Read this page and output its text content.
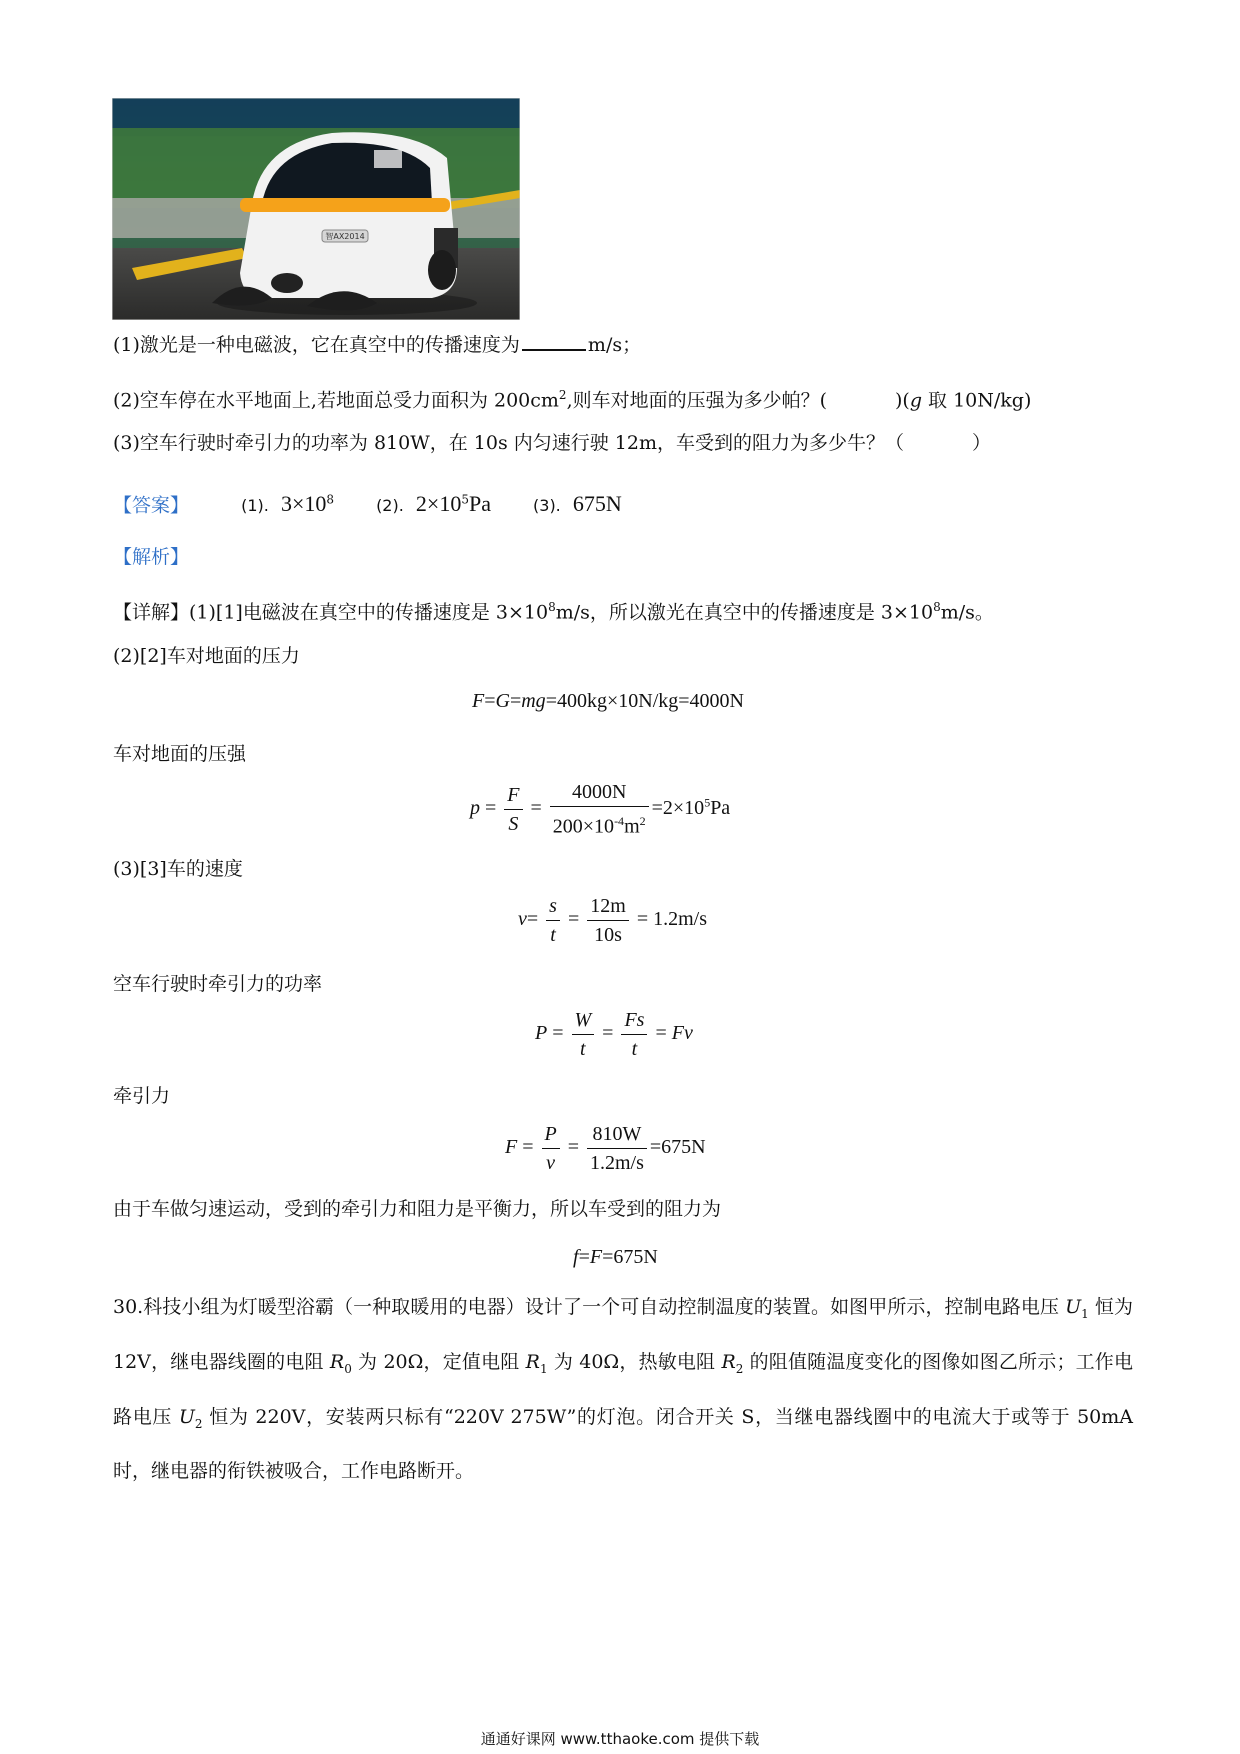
智AX2014
(1)激光是一种电磁波，它在真空中的传播速度为	m/s；
(2)空车停在水平地面上,若地面总受力面积为 $200cm^2$,则车对地面的压强为多少帕？(	)(g 取 10N/kg)
(3)空车行驶时牵引力的功率为 810W，在 10s 内匀速行驶 12m，车受到的阻力为多少牛？（	）
【答案】	(1). $3\times 10^8$	(2). $2\times 10^5Pa$	(3). 675N
【解析】
【详解】(1)[1]电磁波在真空中的传播速度是 $3\times 10^8m/s$，所以激光在真空中的传播速度是 $3\times 10^8m/s$。
(2)[2]车对地面的压力
F=G=mg=400kg×10N/kg=4000N
车对地面的压强
$p = \frac{F}{S} = \frac{4000N}{200\times 10^{-4}m^2} =2\times 10^5Pa$
(3)[3]车的速度
$v= \frac{s}{t} = \frac{12m}{10s} = 1.2m/s$
空车行驶时牵引力的功率
$P = \frac{W}{t} = \frac{Fs}{t} = Fv$
牵引力
$F = \frac{P}{v} = \frac{810W}{1.2m/s} =675N$
由于车做匀速运动，受到的牵引力和阻力是平衡力，所以车受到的阻力为
f=F=675N
30.科技小组为灯暖型浴霸（一种取暖用的电器）设计了一个可自动控制温度的装置。如图甲所示，控制电路电压 $U_1$ 恒为 12V，继电器线圈的电阻 $R_0$ 为 20Ω，定值电阻 $R_1$ 为 40Ω，热敏电阻 $R_2$ 的阻值随温度变化的图像如图乙所示；工作电路电压 $U_2$ 恒为 220V，安装两只标有“220V 275W”的灯泡。闭合开关 S，当继电器线圈中的电流大于或等于 50mA 时，继电器的衔铁被吸合，工作电路断开。
通通好课网 www.tthaoke.com 提供下载
